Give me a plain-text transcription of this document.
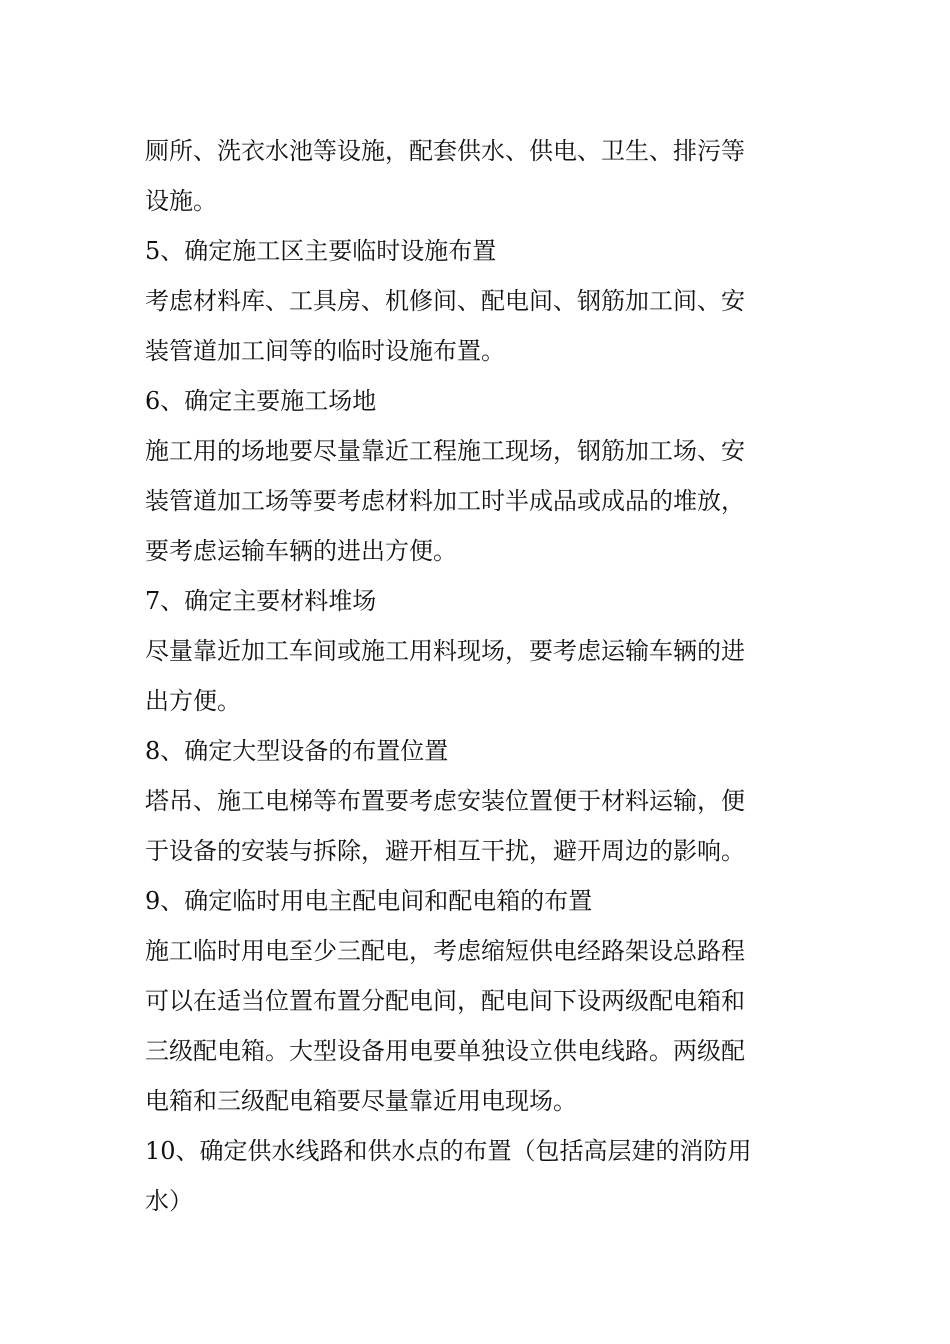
厕所、洗衣水池等设施，配套供水、供电、卫生、排污等
设施。
5、确定施工区主要临时设施布置
考虑材料库、工具房、机修间、配电间、钢筋加工间、安
装管道加工间等的临时设施布置。
6、确定主要施工场地
施工用的场地要尽量靠近工程施工现场，钢筋加工场、安
装管道加工场等要考虑材料加工时半成品或成品的堆放，
要考虑运输车辆的进出方便。
7、确定主要材料堆场
尽量靠近加工车间或施工用料现场，要考虑运输车辆的进
出方便。
8、确定大型设备的布置位置
塔吊、施工电梯等布置要考虑安装位置便于材料运输，便
于设备的安装与拆除，避开相互干扰，避开周边的影响。
9、确定临时用电主配电间和配电箱的布置
施工临时用电至少三配电，考虑缩短供电经路架设总路程
可以在适当位置布置分配电间，配电间下设两级配电箱和
三级配电箱。大型设备用电要单独设立供电线路。两级配
电箱和三级配电箱要尽量靠近用电现场。
10、确定供水线路和供水点的布置（包括高层建的消防用
水）
